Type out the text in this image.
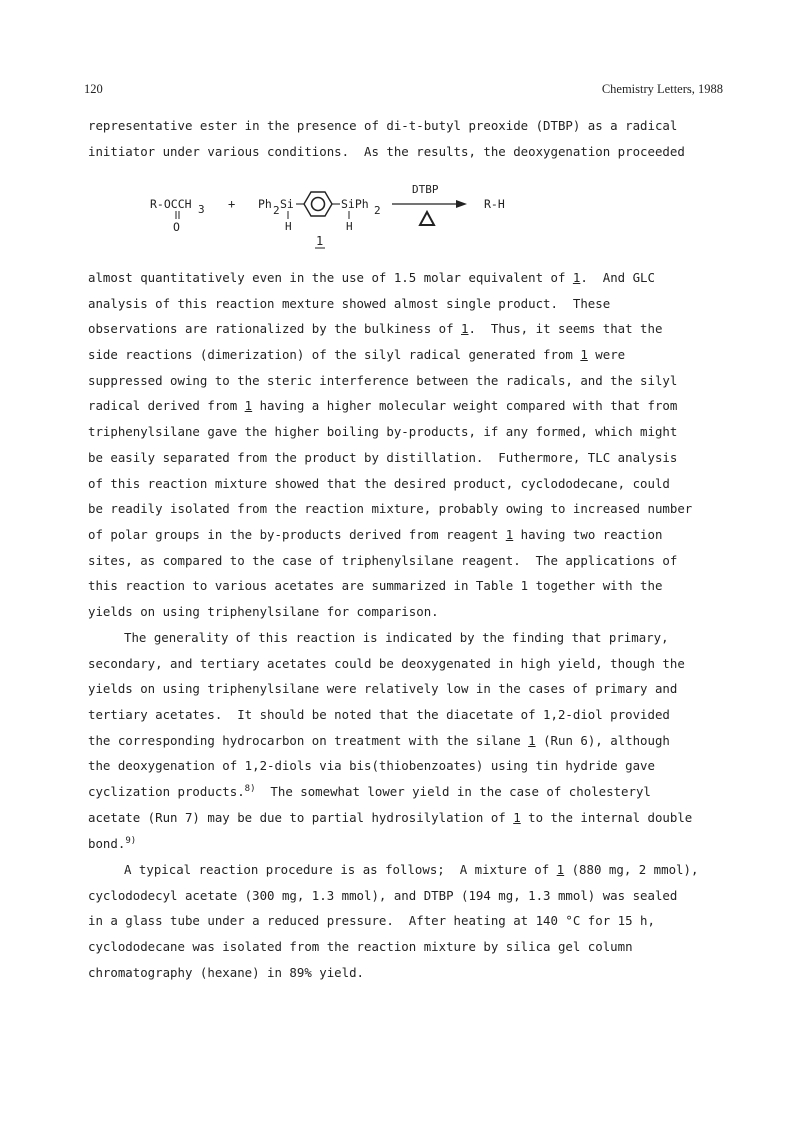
120	Chemistry Letters, 1988
representative ester in the presence of di-t-butyl preoxide (DTBP) as a radical
initiator under various conditions.  As the results, the deoxygenation proceeded
R-OCCH 3
O
+ Ph 2 Si
H
SiPh 2
H
DTBP
R-H
1
almost quantitatively even in the use of 1.5 molar equivalent of 1.  And GLC
analysis of this reaction mexture showed almost single product.  These
observations are rationalized by the bulkiness of 1.  Thus, it seems that the
side reactions (dimerization) of the silyl radical generated from 1 were
suppressed owing to the steric interference between the radicals, and the silyl
radical derived from 1 having a higher molecular weight compared with that from
triphenylsilane gave the higher boiling by-products, if any formed, which might
be easily separated from the product by distillation.  Futhermore, TLC analysis
of this reaction mixture showed that the desired product, cyclododecane, could
be readily isolated from the reaction mixture, probably owing to increased number
of polar groups in the by-products derived from reagent 1 having two reaction
sites, as compared to the case of triphenylsilane reagent.  The applications of
this reaction to various acetates are summarized in Table 1 together with the
yields on using triphenylsilane for comparison.
The generality of this reaction is indicated by the finding that primary,
secondary, and tertiary acetates could be deoxygenated in high yield, though the
yields on using triphenylsilane were relatively low in the cases of primary and
tertiary acetates.  It should be noted that the diacetate of 1,2-diol provided
the corresponding hydrocarbon on treatment with the silane 1 (Run 6), although
the deoxygenation of 1,2-diols via bis(thiobenzoates) using tin hydride gave
cyclization products.$^{8)}$  The somewhat lower yield in the case of cholesteryl
acetate (Run 7) may be due to partial hydrosilylation of 1 to the internal double
bond.$^{9)}$
A typical reaction procedure is as follows;  A mixture of 1 (880 mg, 2 mmol),
cyclododecyl acetate (300 mg, 1.3 mmol), and DTBP (194 mg, 1.3 mmol) was sealed
in a glass tube under a reduced pressure.  After heating at 140 °C for 15 h,
cyclododecane was isolated from the reaction mixture by silica gel column
chromatography (hexane) in 89% yield.
